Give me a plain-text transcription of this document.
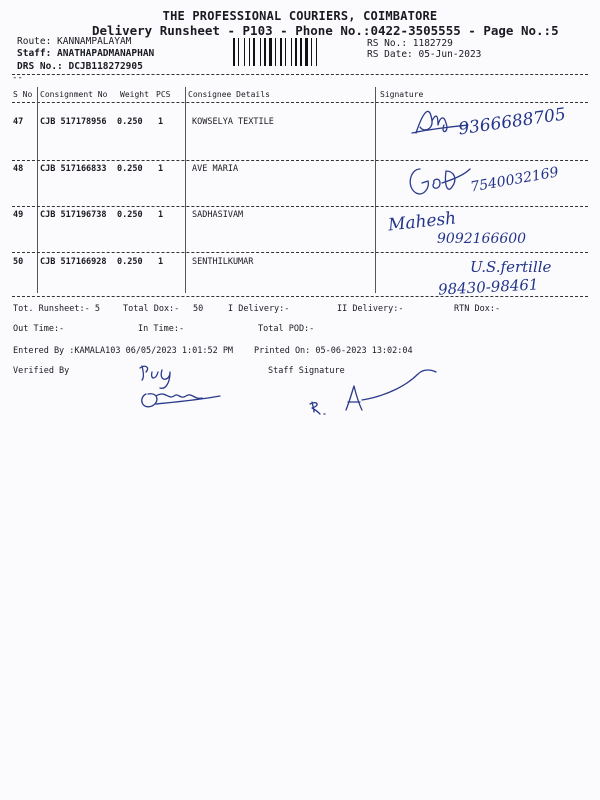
THE PROFESSIONAL COURIERS, COIMBATORE
Delivery Runsheet - P103 - Phone No.:0422-3505555 - Page No.:5
Route: KANNAMPALAYAM
Staff: ANATHAPADMANAPHAN
DRS No.: DCJB118272905
RS No.: 1182729
RS Date: 05-Jun-2023
--
S No Consignment No Weight PCS Consignee Details	Signature
47 CJB 517178956 0.250 1	KOWSELYA TEXTILE	9366688705
48 CJB 517166833 0.250 1	AVE MARIA	7540032169
49 CJB 517196738 0.250 1	SADHASIVAM	Mahesh
9092166600
50 CJB 517166928 0.250 1	SENTHILKUMAR	U.S.fertille
98430-98461
Tot. Runsheet:- 5	Total Dox:- 50	I Delivery:-	II Delivery:-	RTN Dox:-
Out Time:-	In Time:-	Total POD:-
Entered By :KAMALA103 06/05/2023 1:01:52 PM Printed On: 05-06-2023 13:02:04
Verified By	Staff Signature
